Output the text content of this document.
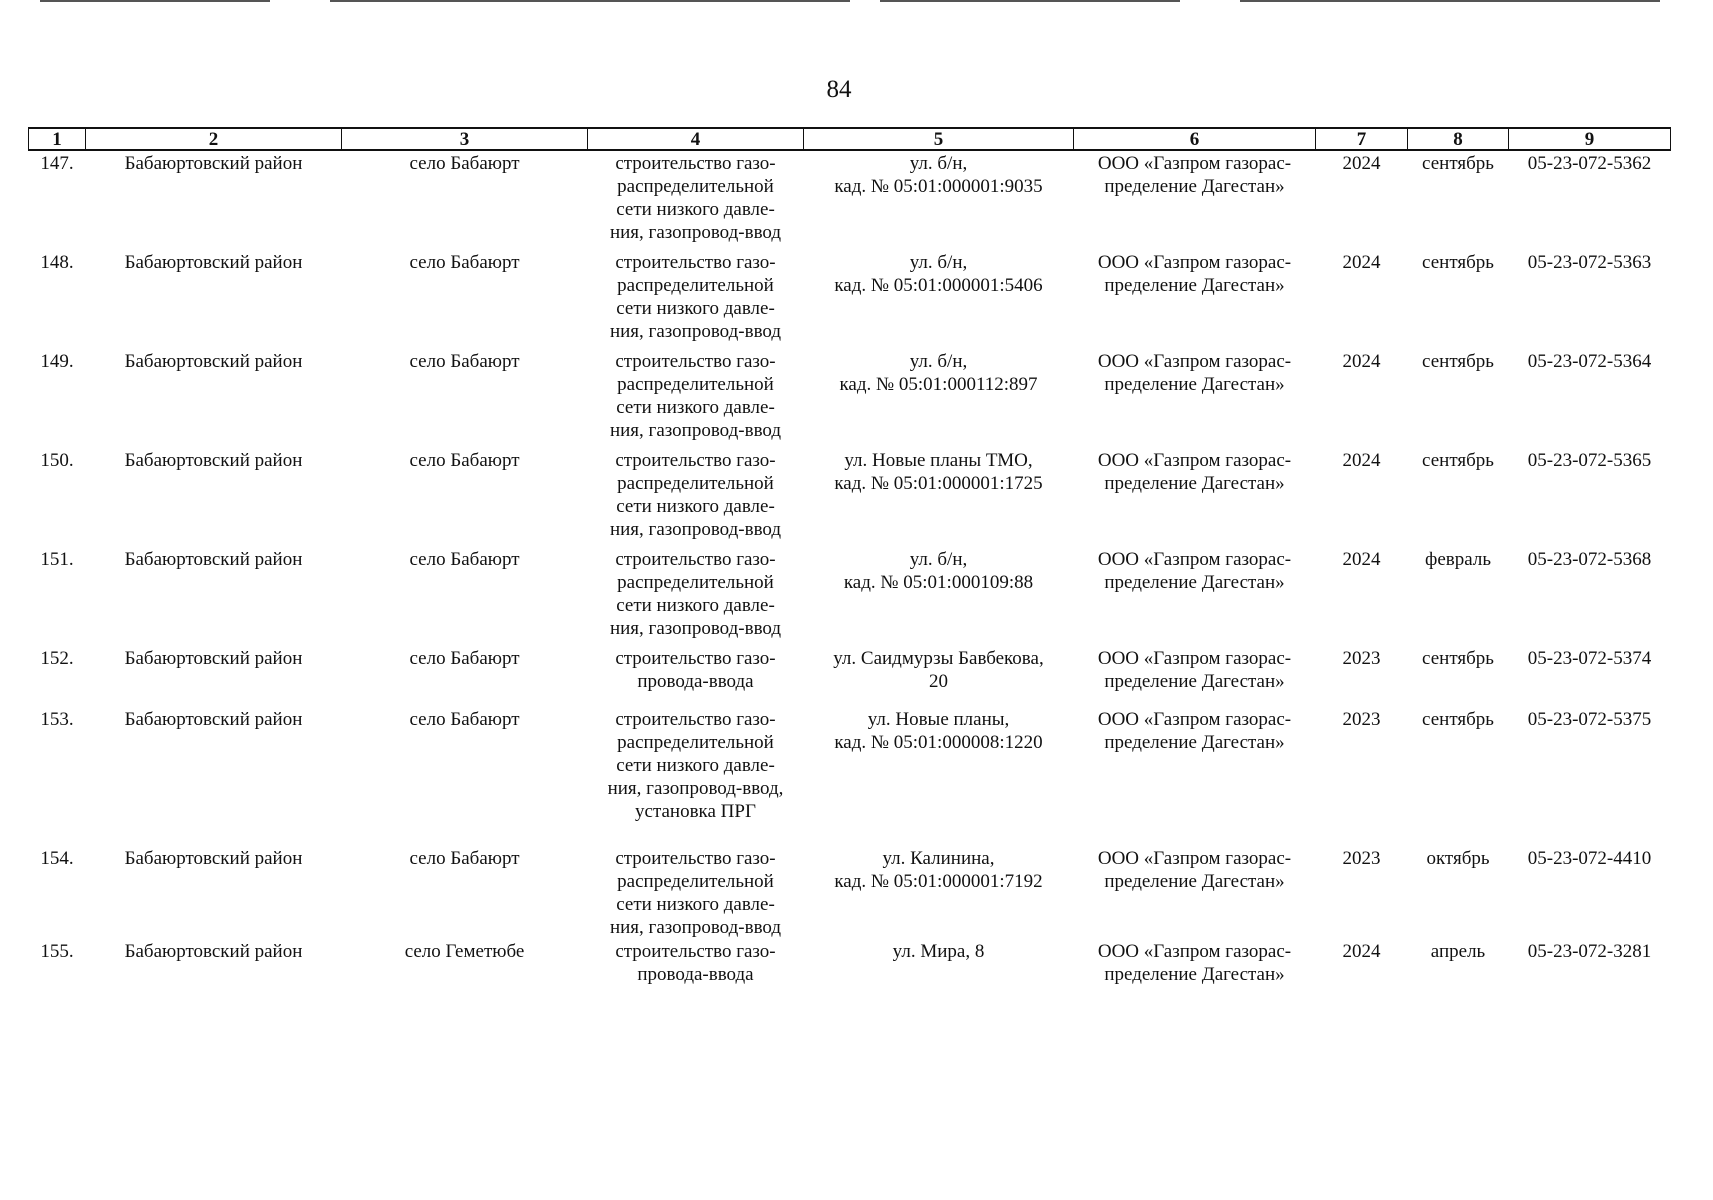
84
1	2	3	4	5	6	7	8	9

147.	Бабаюртовский район	село Бабаюрт	строительство газо-
распределительной
сети низкого давле-
ния, газопровод-ввод	ул. б/н,
кад. № 05:01:000001:9035	ООО «Газпром газорас-
пределение Дагестан»	2024	сентябрь	05-23-072-5362

148.	Бабаюртовский район	село Бабаюрт	строительство газо-
распределительной
сети низкого давле-
ния, газопровод-ввод	ул. б/н,
кад. № 05:01:000001:5406	ООО «Газпром газорас-
пределение Дагестан»	2024	сентябрь	05-23-072-5363

149.	Бабаюртовский район	село Бабаюрт	строительство газо-
распределительной
сети низкого давле-
ния, газопровод-ввод	ул. б/н,
кад. № 05:01:000112:897	ООО «Газпром газорас-
пределение Дагестан»	2024	сентябрь	05-23-072-5364

150.	Бабаюртовский район	село Бабаюрт	строительство газо-
распределительной
сети низкого давле-
ния, газопровод-ввод	ул. Новые планы ТМО,
кад. № 05:01:000001:1725	ООО «Газпром газорас-
пределение Дагестан»	2024	сентябрь	05-23-072-5365

151.	Бабаюртовский район	село Бабаюрт	строительство газо-
распределительной
сети низкого давле-
ния, газопровод-ввод	ул. б/н,
кад. № 05:01:000109:88	ООО «Газпром газорас-
пределение Дагестан»	2024	февраль	05-23-072-5368

152.	Бабаюртовский район	село Бабаюрт	строительство газо-
провода-ввода	ул. Саидмурзы Бавбекова,
20	ООО «Газпром газорас-
пределение Дагестан»	2023	сентябрь	05-23-072-5374

153.	Бабаюртовский район	село Бабаюрт	строительство газо-
распределительной
сети низкого давле-
ния, газопровод-ввод,
установка ПРГ	ул. Новые планы,
кад. № 05:01:000008:1220	ООО «Газпром газорас-
пределение Дагестан»	2023	сентябрь	05-23-072-5375

154.	Бабаюртовский район	село Бабаюрт	строительство газо-
распределительной
сети низкого давле-
ния, газопровод-ввод	ул. Калинина,
кад. № 05:01:000001:7192	ООО «Газпром газорас-
пределение Дагестан»	2023	октябрь	05-23-072-4410

155.	Бабаюртовский район	село Геметюбе	строительство газо-
провода-ввода	ул. Мира, 8	ООО «Газпром газорас-
пределение Дагестан»	2024	апрель	05-23-072-3281
